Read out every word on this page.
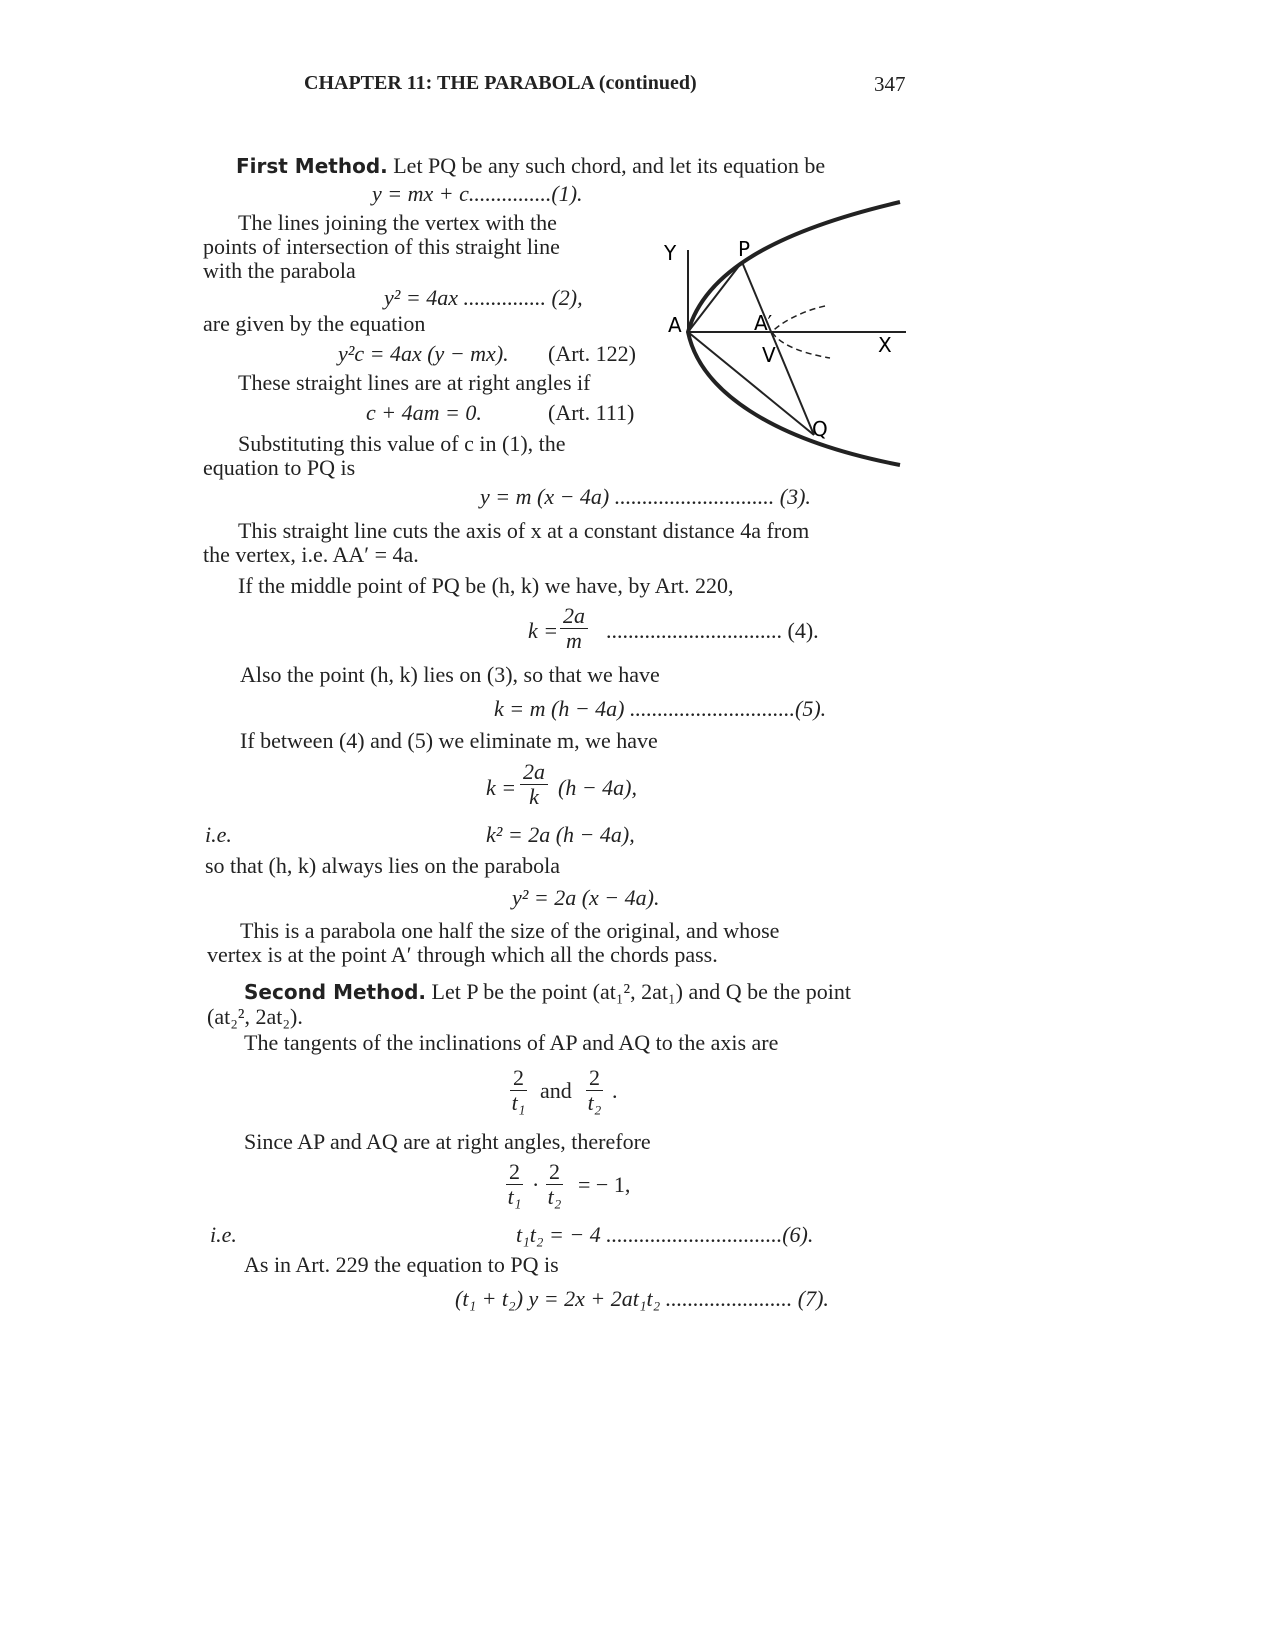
CHAPTER 11: THE PARABOLA (continued)	347
First Method. Let PQ be any such chord, and let its equation be
y = mx + c...............(1).
The lines joining the vertex with the
points of intersection of this straight line
with the parabola
y² = 4ax ............... (2),
are given by the equation
y²c = 4ax (y − mx). (Art. 122)
These straight lines are at right angles if
c + 4am = 0.	(Art. 111)
Substituting this value of c in (1), the
equation to PQ is
y = m (x − 4a) ............................. (3).
This straight line cuts the axis of x at a constant distance 4a from
the vertex, i.e. AA′ = 4a.
If the middle point of PQ be (h, k) we have, by Art. 220,
$k = \frac{2a}{m}$ ................................ (4).
Also the point (h, k) lies on (3), so that we have
k = m (h − 4a) ..............................(5).
If between (4) and (5) we eliminate m, we have
$k = \frac{2a}{k} (h - 4a)$,
i.e.	k² = 2a (h − 4a),
so that (h, k) always lies on the parabola
y² = 2a (x − 4a).
This is a parabola one half the size of the original, and whose
vertex is at the point A′ through which all the chords pass.
Second Method. Let P be the point (at₁², 2at₁) and Q be the point
(at₂², 2at₂).
The tangents of the inclinations of AP and AQ to the axis are
$\frac{2}{\text{t₁}}$ and $\frac{2}{\text{t₂}}$ .
Since AP and AQ are at right angles, therefore
$\frac{2}{\text{t₁}} \cdot \frac{2}{\text{t₂}}$ = − 1,
i.e.	t₁t₂ = − 4 ................................(6).
As in Art. 229 the equation to PQ is
(t₁ + t₂) y = 2x + 2at₁t₂ ....................... (7).
Y	P
A	A′
V	X
Q
